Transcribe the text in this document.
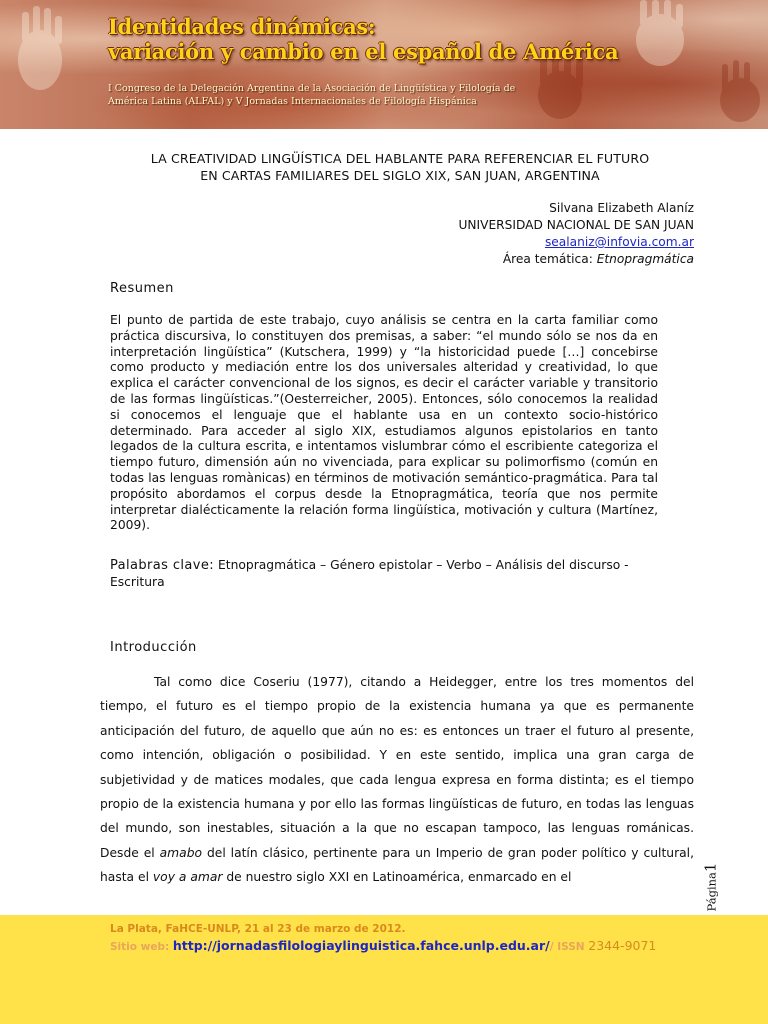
Identidades dinámicas:
variación y cambio en el español de América

I Congreso de la Delegación Argentina de la Asociación de Lingüística y Filología de América Latina (ALFAL) y V Jornadas Internacionales de Filología Hispánica

LA CREATIVIDAD LINGÜÍSTICA DEL HABLANTE PARA REFERENCIAR EL FUTURO
EN CARTAS FAMILIARES DEL SIGLO XIX, SAN JUAN, ARGENTINA
Silvana Elizabeth Alaníz
UNIVERSIDAD NACIONAL DE SAN JUAN
sealaniz@infovia.com.ar
Área temática: Etnopragmática
Resumen

El punto de partida de este trabajo, cuyo análisis se centra en la carta familiar como práctica discursiva, lo constituyen dos premisas, a saber: “el mundo sólo se nos da en interpretación lingüística” (Kutschera, 1999) y “la historicidad puede […] concebirse como producto y mediación entre los dos universales alteridad y creatividad, lo que explica el carácter convencional de los signos, es decir el carácter variable y transitorio de las formas lingüísticas.”(Oesterreicher, 2005). Entonces, sólo conocemos la realidad si conocemos el lenguaje que el hablante usa en un contexto socio-histórico determinado. Para acceder al siglo XIX, estudiamos algunos epistolarios en tanto legados de la cultura escrita, e intentamos vislumbrar cómo el escribiente categoriza el tiempo futuro, dimensión aún no vivenciada, para explicar su polimorfismo (común en todas las lenguas romànicas) en términos de motivación semántico-pragmática. Para tal propósito abordamos el corpus desde la Etnopragmática, teoría que nos permite interpretar dialécticamente la relación forma lingüística, motivación y cultura (Martínez, 2009).

Palabras clave: Etnopragmática – Género epistolar – Verbo – Análisis del discurso - Escritura

Introducción

Tal como dice Coseriu (1977), citando a Heidegger, entre los tres momentos del tiempo, el futuro es el tiempo propio de la existencia humana ya que es permanente anticipación del futuro, de aquello que aún no es: es entonces un traer el futuro al presente, como intención, obligación o posibilidad. Y en este sentido, implica una gran carga de subjetividad y de matices modales, que cada lengua expresa en forma distinta; es el tiempo propio de la existencia humana y por ello las formas lingüísticas de futuro, en todas las lenguas del mundo, son inestables, situación a la que no escapan tampoco, las lenguas románicas. Desde el amabo del latín clásico, pertinente para un Imperio de gran poder político y cultural, hasta el voy a amar de nuestro siglo XXI en Latinoamérica, enmarcado en el	Página1

La Plata, FaHCE-UNLP, 21 al 23 de marzo de 2012.

Sitio web: http://jornadasfilologiaylinguistica.fahce.unlp.edu.ar// ISSN 2344-9071
